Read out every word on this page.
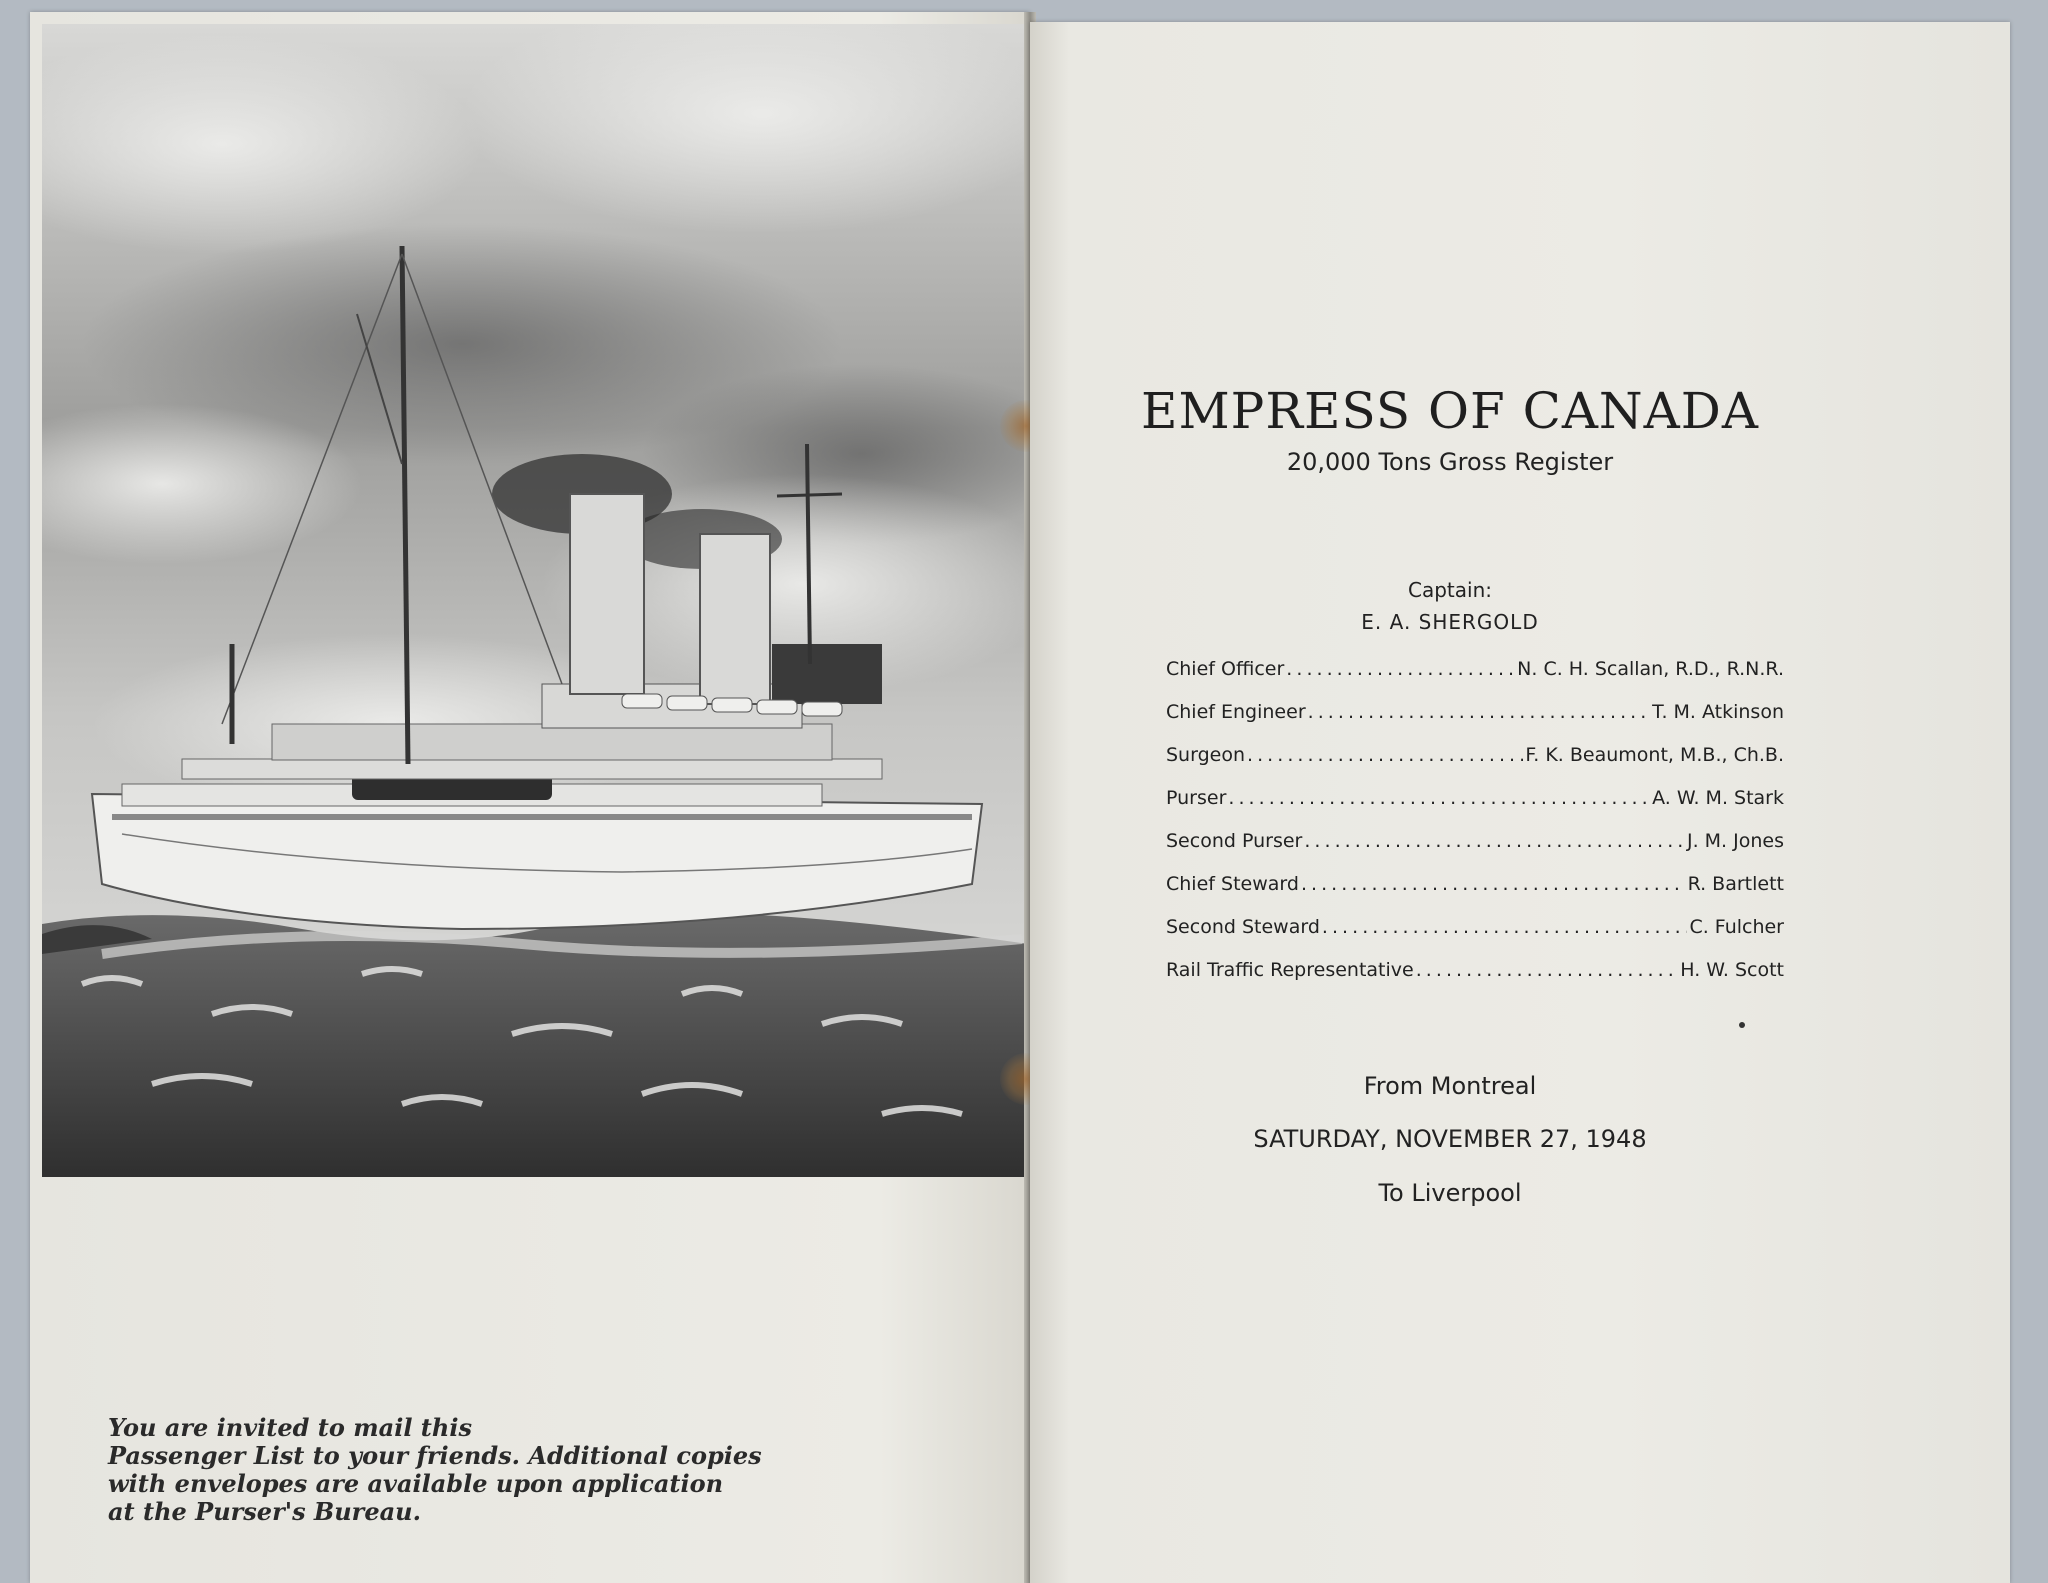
You are invited to mail this
Passenger List to your friends. Additional copies
with envelopes are available upon application
at the Purser's Bureau.
EMPRESS OF CANADA
20,000 Tons Gross Register
Captain:
E. A. SHERGOLD
Chief Officer . . .	N. C. H. Scallan, R.D., R.N.R.
Chief Engineer . . .	T. M. Atkinson
Surgeon . . .	F. K. Beaumont, M.B., Ch.B.
Purser . . .	A. W. M. Stark
Second Purser . . .	J. M. Jones
Chief Steward . . .	R. Bartlett
Second Steward . . .	C. Fulcher
Rail Traffic Representative . . .	H. W. Scott
From Montreal
SATURDAY, NOVEMBER 27, 1948
To Liverpool
